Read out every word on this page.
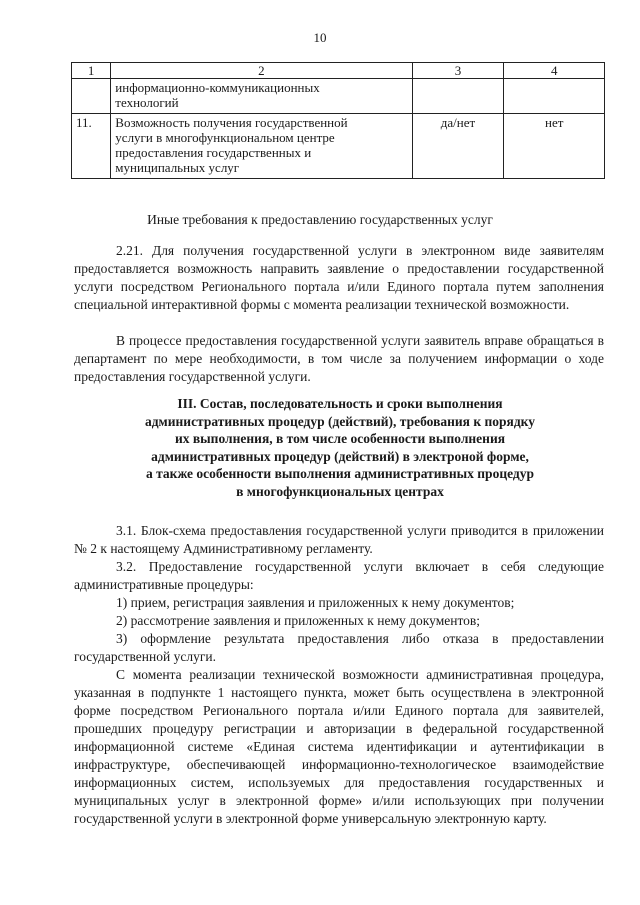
10
1	2	3	4

	информационно-коммуникационных
технологий		

11.	Возможность получения государственной
услуги в многофункциональном центре
предоставления государственных и
муниципальных услуг	да/нет	нет
Иные требования к предоставлению государственных услуг

2.21. Для получения государственной услуги в электронном виде заявителям предоставляется возможность направить заявление о предоставлении государственной услуги посредством Регионального портала и/или Единого портала путем заполнения специальной интерактивной формы с момента реализации технической возможности.

В процессе предоставления государственной услуги заявитель вправе обращаться в департамент по мере необходимости, в том числе за получением информации о ходе предоставления государственной услуги.

III. Состав, последовательность и сроки выполнения
административных процедур (действий), требования к порядку
их выполнения, в том числе особенности выполнения
административных процедур (действий) в электроной форме,
а также особенности выполнения административных процедур
в многофункциональных центрах

3.1. Блок-схема предоставления государственной услуги приводится в приложении № 2 к настоящему Административному регламенту.

3.2. Предоставление государственной услуги включает в себя следующие административные процедуры:

1) прием, регистрация заявления и приложенных к нему документов;

2) рассмотрение заявления и приложенных к нему документов;

3) оформление результата предоставления либо отказа в предоставлении государственной услуги.

С момента реализации технической возможности административная процедура, указанная в подпункте 1 настоящего пункта, может быть осуществлена в электронной форме посредством Регионального портала и/или Единого портала для заявителей, прошедших процедуру регистрации и авторизации в федеральной государственной информационной системе «Единая система идентификации и аутентификации в инфраструктуре, обеспечивающей информационно-технологическое взаимодействие информационных систем, используемых для предоставления государственных и муниципальных услуг в электронной форме» и/или использующих при получении государственной услуги в электронной форме универсальную электронную карту.
